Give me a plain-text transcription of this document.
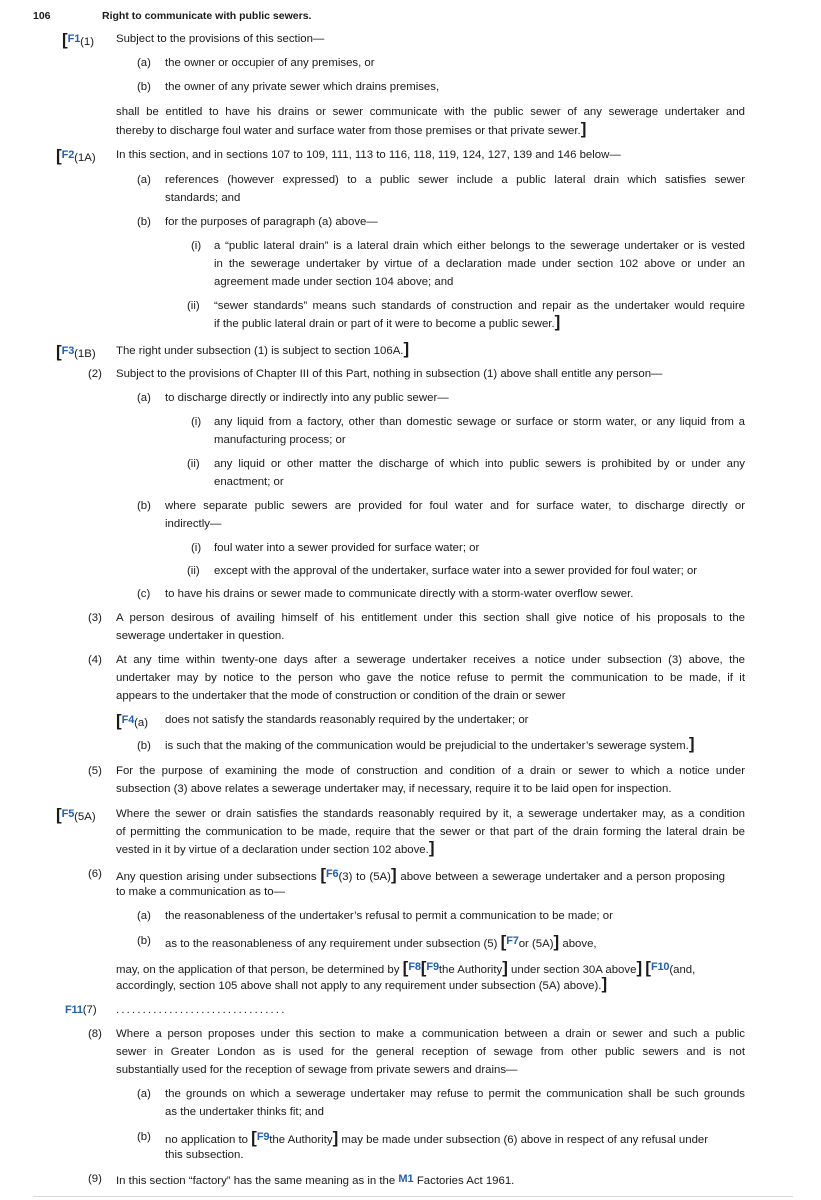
106	Right to communicate with public sewers.
[F1(1) Subject to the provisions of this section—
(a) the owner or occupier of any premises, or
(b) the owner of any private sewer which drains premises,
shall be entitled to have his drains or sewer communicate with the public sewer of any sewerage undertaker and
thereby to discharge foul water and surface water from those premises or that private sewer.]
[F2(1A) In this section, and in sections 107 to 109, 111, 113 to 116, 118, 119, 124, 127, 139 and 146 below—
(a) references (however expressed) to a public sewer include a public lateral drain which satisfies sewer
standards; and
(b) for the purposes of paragraph (a) above—
(i) a “public lateral drain” is a lateral drain which either belongs to the sewerage undertaker or is vested
in the sewerage undertaker by virtue of a declaration made under section 102 above or under an
agreement made under section 104 above; and
(ii) “sewer standards” means such standards of construction and repair as the undertaker would require
if the public lateral drain or part of it were to become a public sewer.]
[F3(1B) The right under subsection (1) is subject to section 106A.]
(2) Subject to the provisions of Chapter III of this Part, nothing in subsection (1) above shall entitle any person—
(a) to discharge directly or indirectly into any public sewer—
(i) any liquid from a factory, other than domestic sewage or surface or storm water, or any liquid from a
manufacturing process; or
(ii) any liquid or other matter the discharge of which into public sewers is prohibited by or under any
enactment; or
(b) where separate public sewers are provided for foul water and for surface water, to discharge directly or
indirectly—
(i) foul water into a sewer provided for surface water; or
(ii) except with the approval of the undertaker, surface water into a sewer provided for foul water; or
(c) to have his drains or sewer made to communicate directly with a storm-water overflow sewer.
(3) A person desirous of availing himself of his entitlement under this section shall give notice of his proposals to the
sewerage undertaker in question.
(4) At any time within twenty-one days after a sewerage undertaker receives a notice under subsection (3) above, the
undertaker may by notice to the person who gave the notice refuse to permit the communication to be made, if it
appears to the undertaker that the mode of construction or condition of the drain or sewer
[F4(a) does not satisfy the standards reasonably required by the undertaker; or
(b) is such that the making of the communication would be prejudicial to the undertaker’s sewerage system.]
(5) For the purpose of examining the mode of construction and condition of a drain or sewer to which a notice under
subsection (3) above relates a sewerage undertaker may, if necessary, require it to be laid open for inspection.
[F5(5A) Where the sewer or drain satisfies the standards reasonably required by it, a sewerage undertaker may, as a condition
of permitting the communication to be made, require that the sewer or that part of the drain forming the lateral drain be
vested in it by virtue of a declaration under section 102 above.]
(6) Any question arising under subsections [F6(3) to (5A)] above between a sewerage undertaker and a person proposing
to make a communication as to—
(a) the reasonableness of the undertaker’s refusal to permit a communication to be made; or
(b) as to the reasonableness of any requirement under subsection (5) [F7or (5A)] above,
may, on the application of that person, be determined by [F8[F9the Authority] under section 30A above] [F10(and,
accordingly, section 105 above shall not apply to any requirement under subsection (5A) above).]
F11(7) . . . . . . . . . . . . . . . . . . . . . . . . . . . . . . . .
(8) Where a person proposes under this section to make a communication between a drain or sewer and such a public
sewer in Greater London as is used for the general reception of sewage from other public sewers and is not
substantially used for the reception of sewage from private sewers and drains—
(a) the grounds on which a sewerage undertaker may refuse to permit the communication shall be such grounds
as the undertaker thinks fit; and
(b) no application to [F9the Authority] may be made under subsection (6) above in respect of any refusal under
this subsection.
(9) In this section “factory” has the same meaning as in the M1 Factories Act 1961.
